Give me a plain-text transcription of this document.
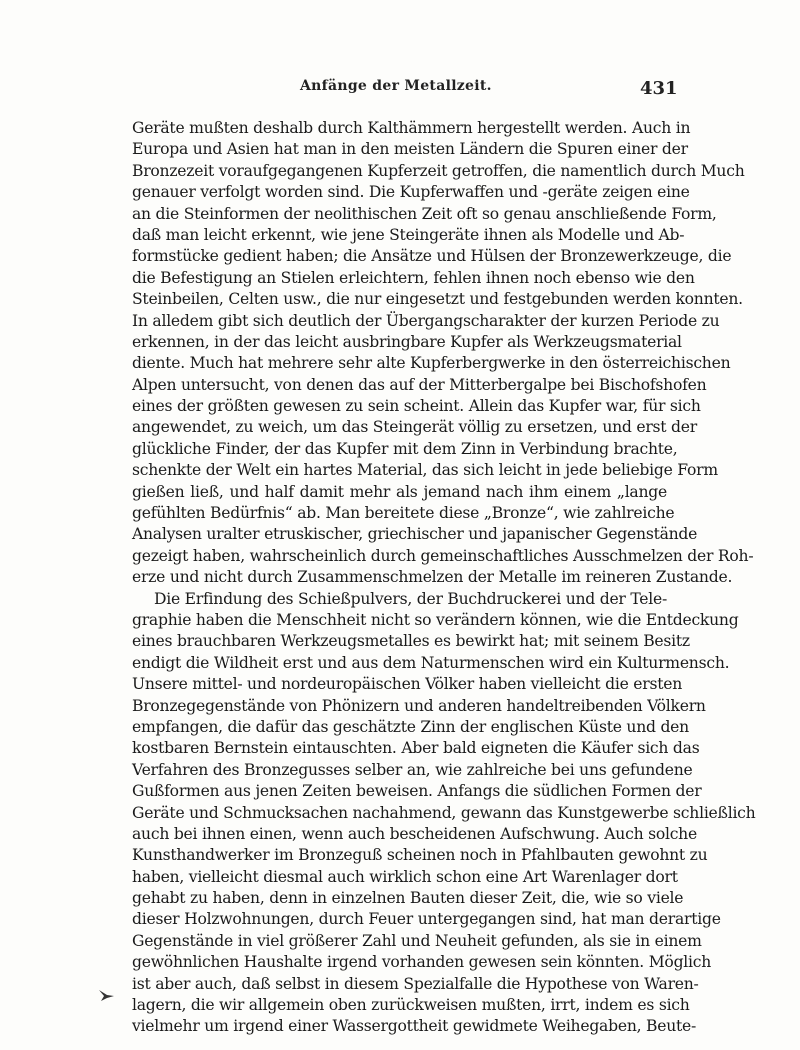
Anfänge der Metallzeit.	431
Geräte mußten deshalb durch Kalthämmern hergestellt werden. Auch in
Europa und Asien hat man in den meisten Ländern die Spuren einer der
Bronzezeit voraufgegangenen Kupferzeit getroffen, die namentlich durch Much
genauer verfolgt worden sind. Die Kupferwaffen und -geräte zeigen eine
an die Steinformen der neolithischen Zeit oft so genau anschließende Form,
daß man leicht erkennt, wie jene Steingeräte ihnen als Modelle und Ab-
formstücke gedient haben; die Ansätze und Hülsen der Bronzewerkzeuge, die
die Befestigung an Stielen erleichtern, fehlen ihnen noch ebenso wie den
Steinbeilen, Celten usw., die nur eingesetzt und festgebunden werden konnten.
In alledem gibt sich deutlich der Übergangscharakter der kurzen Periode zu
erkennen, in der das leicht ausbringbare Kupfer als Werkzeugsmaterial
diente. Much hat mehrere sehr alte Kupferbergwerke in den österreichischen
Alpen untersucht, von denen das auf der Mitterbergalpe bei Bischofshofen
eines der größten gewesen zu sein scheint. Allein das Kupfer war, für sich
angewendet, zu weich, um das Steingerät völlig zu ersetzen, und erst der
glückliche Finder, der das Kupfer mit dem Zinn in Verbindung brachte,
schenkte der Welt ein hartes Material, das sich leicht in jede beliebige Form
gießen ließ, und half damit mehr als jemand nach ihm einem „lange
gefühlten Bedürfnis“ ab. Man bereitete diese „Bronze“, wie zahlreiche
Analysen uralter etruskischer, griechischer und japanischer Gegenstände
gezeigt haben, wahrscheinlich durch gemeinschaftliches Ausschmelzen der Roh-
erze und nicht durch Zusammenschmelzen der Metalle im reineren Zustande.
Die Erfindung des Schießpulvers, der Buchdruckerei und der Tele-
graphie haben die Menschheit nicht so verändern können, wie die Entdeckung
eines brauchbaren Werkzeugsmetalles es bewirkt hat; mit seinem Besitz
endigt die Wildheit erst und aus dem Naturmenschen wird ein Kulturmensch.
Unsere mittel- und nordeuropäischen Völker haben vielleicht die ersten
Bronzegegenstände von Phönizern und anderen handeltreibenden Völkern
empfangen, die dafür das geschätzte Zinn der englischen Küste und den
kostbaren Bernstein eintauschten. Aber bald eigneten die Käufer sich das
Verfahren des Bronzegusses selber an, wie zahlreiche bei uns gefundene
Gußformen aus jenen Zeiten beweisen. Anfangs die südlichen Formen der
Geräte und Schmucksachen nachahmend, gewann das Kunstgewerbe schließlich
auch bei ihnen einen, wenn auch bescheidenen Aufschwung. Auch solche
Kunsthandwerker im Bronzeguß scheinen noch in Pfahlbauten gewohnt zu
haben, vielleicht diesmal auch wirklich schon eine Art Warenlager dort
gehabt zu haben, denn in einzelnen Bauten dieser Zeit, die, wie so viele
dieser Holzwohnungen, durch Feuer untergegangen sind, hat man derartige
Gegenstände in viel größerer Zahl und Neuheit gefunden, als sie in einem
gewöhnlichen Haushalte irgend vorhanden gewesen sein könnten. Möglich
ist aber auch, daß selbst in diesem Spezialfalle die Hypothese von Waren-
lagern, die wir allgemein oben zurückweisen mußten, irrt, indem es sich
vielmehr um irgend einer Wassergottheit gewidmete Weihegaben, Beute-
